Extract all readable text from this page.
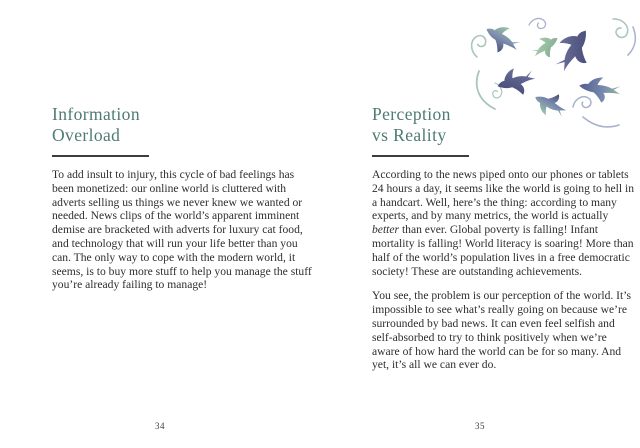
Information
Overload

To add insult to injury, this cycle of bad feelings has been monetized: our online world is cluttered with adverts selling us things we never knew we wanted or needed. News clips of the world’s apparent imminent demise are bracketed with adverts for luxury cat food, and technology that will run your life better than you can. The only way to cope with the modern world, it seems, is to buy more stuff to help you manage the stuff you’re already failing to manage!

34
Perception
vs Reality

According to the news piped onto our phones or tablets 24 hours a day, it seems like the world is going to hell in a handcart. Well, here’s the thing: according to many experts, and by many metrics, the world is actually better than ever. Global poverty is falling! Infant mortality is falling! World literacy is soaring! More than half of the world’s population lives in a free democratic society! These are outstanding achievements.

You see, the problem is our perception of the world. It’s impossible to see what’s really going on because we’re surrounded by bad news. It can even feel selfish and self-absorbed to try to think positively when we’re aware of how hard the world can be for so many. And yet, it’s all we can ever do.

35
